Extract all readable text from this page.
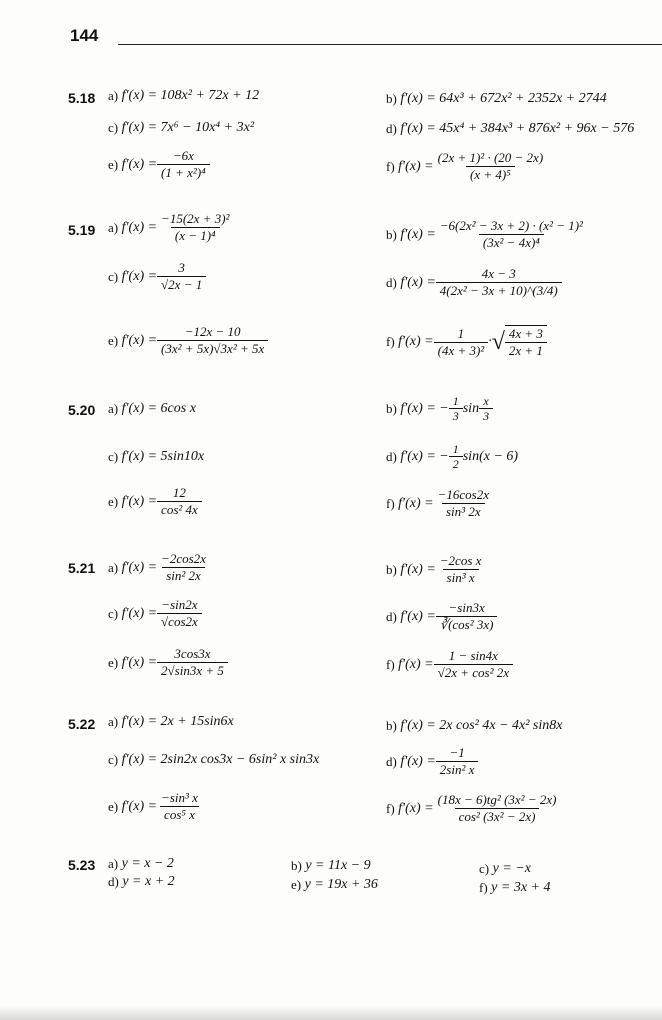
144
5.18 a)
f′(x) =
108x² + 72x + 12	b)
f′(x) =
64x³ + 672x² + 2352x + 2744
c)
f′(x) =
7x⁶ − 10x⁴ + 3x²	d)
f′(x) =
45x⁴ + 384x³ + 876x² + 96x − 576
e)
$f'(x) = \frac{-6x}{\text{(1 + x²)⁴}}$	f)
$f'(x) = \frac{\text{(2x + 1)² · (20 − 2x)}}{\text{(x + 4)⁵}}$
5.19 a)
$f'(x) = \frac{\text{−15(2x + 3)²}}{\text{(x − 1)⁴}}$	b)
$f'(x) = \frac{\text{−6(2x² − 3x + 2) · (x² − 1)²}}{\text{(3x² − 4x)⁴}}$
c)
$f'(x) = \frac{3}{√2x - 1}$	d)
$f'(x) = \frac{4x - 3}{\text{4(2x² − 3x + 10)\textasciicircum{}(3/4)}}$
e)
$f'(x) = \frac{-12x - 10}{\text{(3x² + 5x)√3x² + 5x}}$	f)
$f'(x) = \frac{1}{\text{(4x + 3)²}}$ · √ $\frac{4x + 3}{2x + 1}$
5.20 a)
f′(x) =
6cos x	b)
f′(x) = − $\frac{1}{3}$ $\sin \frac{x}{3}$
c)
f′(x) =
5sin10x	d)
f′(x) = − $\frac{1}{2} \sin(x - 6)$
e)
$f'(x) = \frac{12}{\text{cos² 4x}}$	f)
$f'(x) = \frac{-16\cos 2x}{\text{sin³ 2x}}$
5.21 a)
$f'(x) = \frac{-2\cos 2x}{\text{sin² 2x}}$	b)
$f'(x) = \frac{\text{−2cos x}}{\text{sin³ x}}$
c)
$f'(x) = \frac{-\sin 2x}{√\cos 2x}$	d)
$f'(x) = \frac{-\sin 3x}{\text{∛(cos² 3x)}}$
e)
$f'(x) = \frac{3\cos 3x}{2√\sin 3x + 5}$	f)
$f'(x) = \frac{1 - \sin 4x}{\text{√2x + cos² 2x}}$
5.22 a)
f′(x) =
2x + 15sin6x	b)
f′(x) =
2x cos² 4x − 4x² sin8x
c)
f′(x) =
2sin2x cos3x − 6sin² x sin3x	d)
$f'(x) = \frac{-1}{\text{2sin² x}}$
e)
$f'(x) = \frac{\text{−sin³ x}}{\text{cos⁵ x}}$	f)
$f'(x) = \frac{\text{(18x − 6)tg² (3x² − 2x)}}{\text{cos² (3x² − 2x)}}$
5.23 a)
y = x − 2	b)
y = 11x − 9	c)
y = −x
d)
y = x + 2	e)
y = 19x + 36	f)
y = 3x + 4
